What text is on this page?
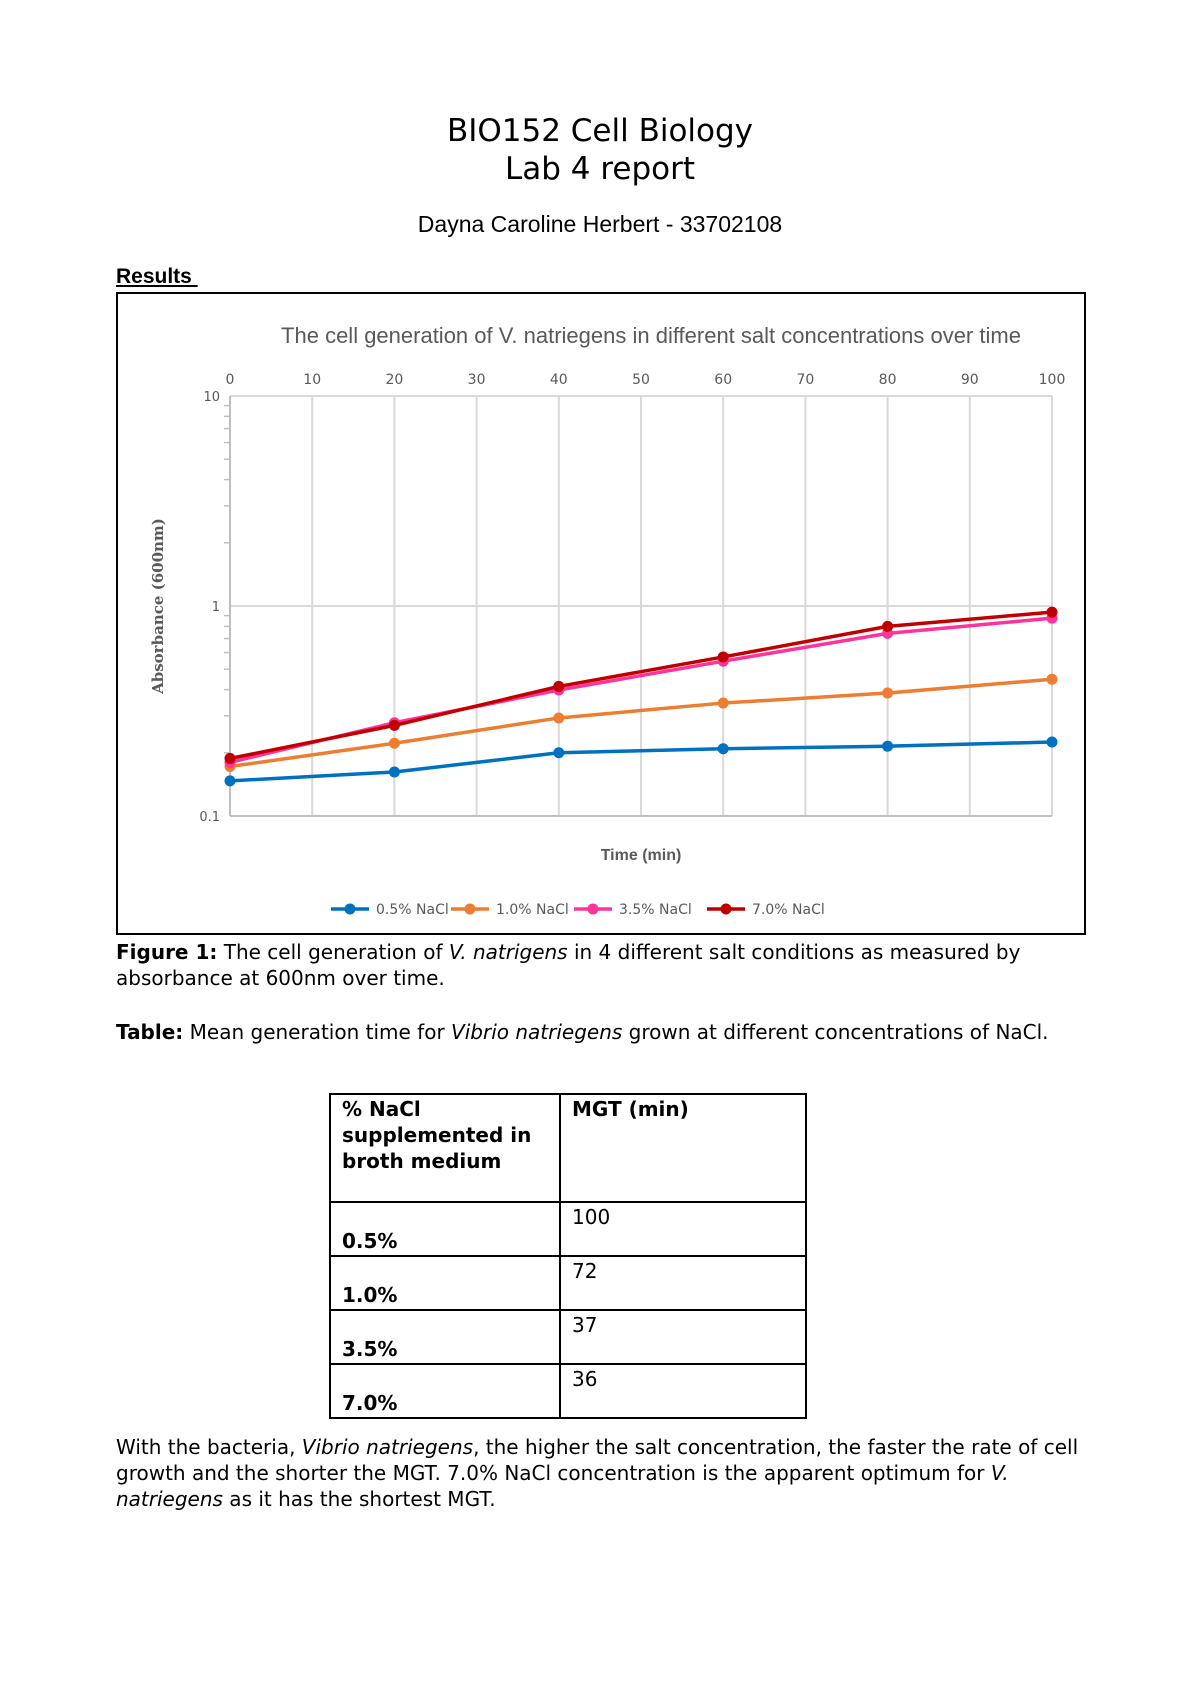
BIO152 Cell Biology
Lab 4 report
Dayna Caroline Herbert - 33702108
Results
The cell generation of V. natriegens in different salt concentrations over time
0	10	20	30	40	50	60	70	80	90	100
0.1
1
10
Time (min)
Absorbance (600nm)
0.5% NaCl	1.0% NaCl	3.5% NaCl	7.0% NaCl
Figure 1: The cell generation of V. natrigens in 4 different salt conditions as measured by absorbance at 600nm over time.
Table: Mean generation time for Vibrio natriegens grown at different concentrations of NaCl.
% NaCl supplemented in broth medium	MGT (min)
0.5%	100
1.0%	72
3.5%	37
7.0%	36
With the bacteria, Vibrio natriegens, the higher the salt concentration, the faster the rate of cell growth and the shorter the MGT. 7.0% NaCl concentration is the apparent optimum for V. natriegens as it has the shortest MGT.
